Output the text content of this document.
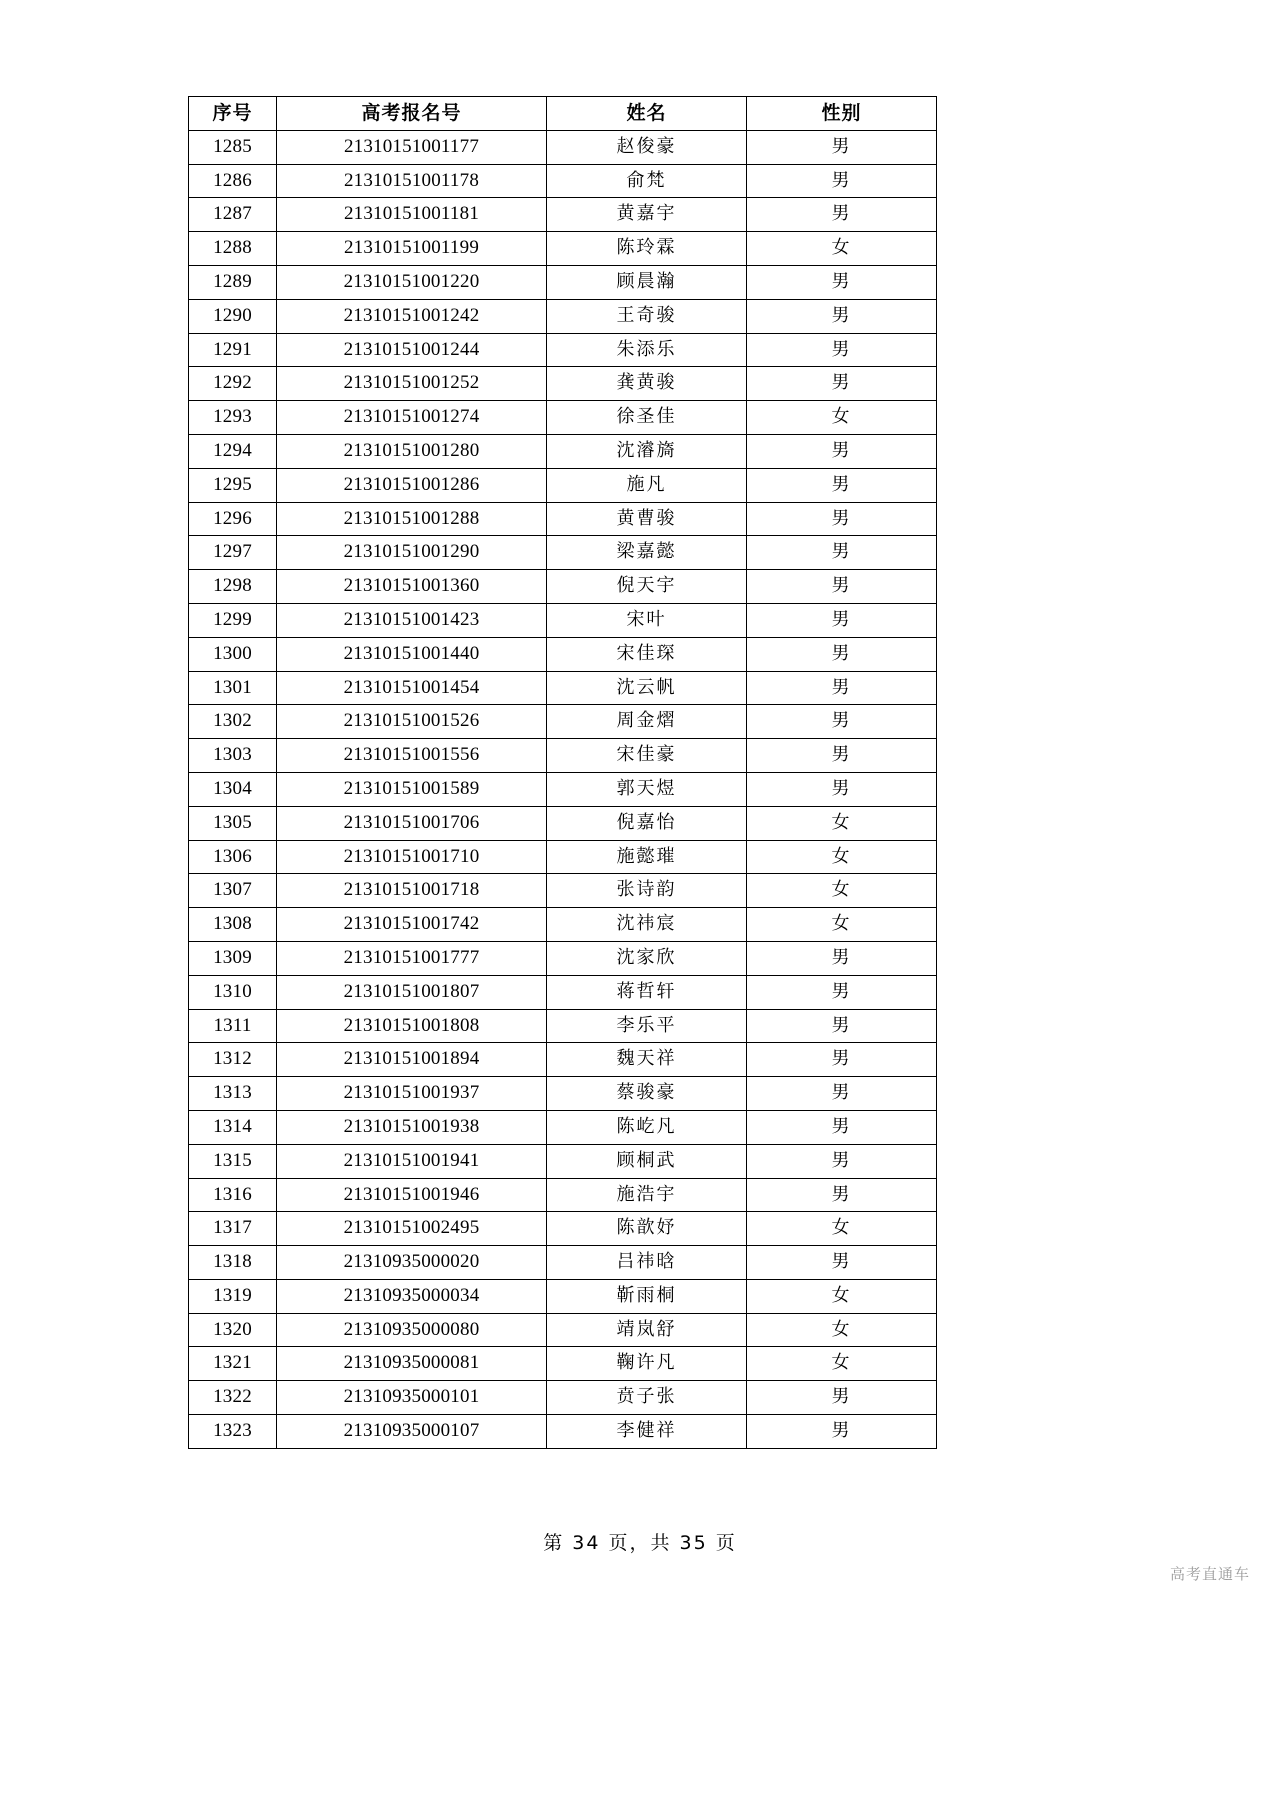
序号	高考报名号	姓名	性别
1285	21310151001177	赵俊豪	男
1286	21310151001178	俞梵	男
1287	21310151001181	黄嘉宇	男
1288	21310151001199	陈玲霖	女
1289	21310151001220	顾晨瀚	男
1290	21310151001242	王奇骏	男
1291	21310151001244	朱添乐	男
1292	21310151001252	龚黄骏	男
1293	21310151001274	徐圣佳	女
1294	21310151001280	沈濬旖	男
1295	21310151001286	施凡	男
1296	21310151001288	黄曹骏	男
1297	21310151001290	梁嘉懿	男
1298	21310151001360	倪天宇	男
1299	21310151001423	宋叶	男
1300	21310151001440	宋佳琛	男
1301	21310151001454	沈云帆	男
1302	21310151001526	周金熠	男
1303	21310151001556	宋佳豪	男
1304	21310151001589	郭天煜	男
1305	21310151001706	倪嘉怡	女
1306	21310151001710	施懿璀	女
1307	21310151001718	张诗韵	女
1308	21310151001742	沈祎宸	女
1309	21310151001777	沈家欣	男
1310	21310151001807	蒋哲轩	男
1311	21310151001808	李乐平	男
1312	21310151001894	魏天祥	男
1313	21310151001937	蔡骏豪	男
1314	21310151001938	陈屹凡	男
1315	21310151001941	顾桐武	男
1316	21310151001946	施浩宇	男
1317	21310151002495	陈歆妤	女
1318	21310935000020	吕祎晗	男
1319	21310935000034	靳雨桐	女
1320	21310935000080	靖岚舒	女
1321	21310935000081	鞠许凡	女
1322	21310935000101	贲子张	男
1323	21310935000107	李健祥	男
第 34 页，共 35 页
高考直通车
